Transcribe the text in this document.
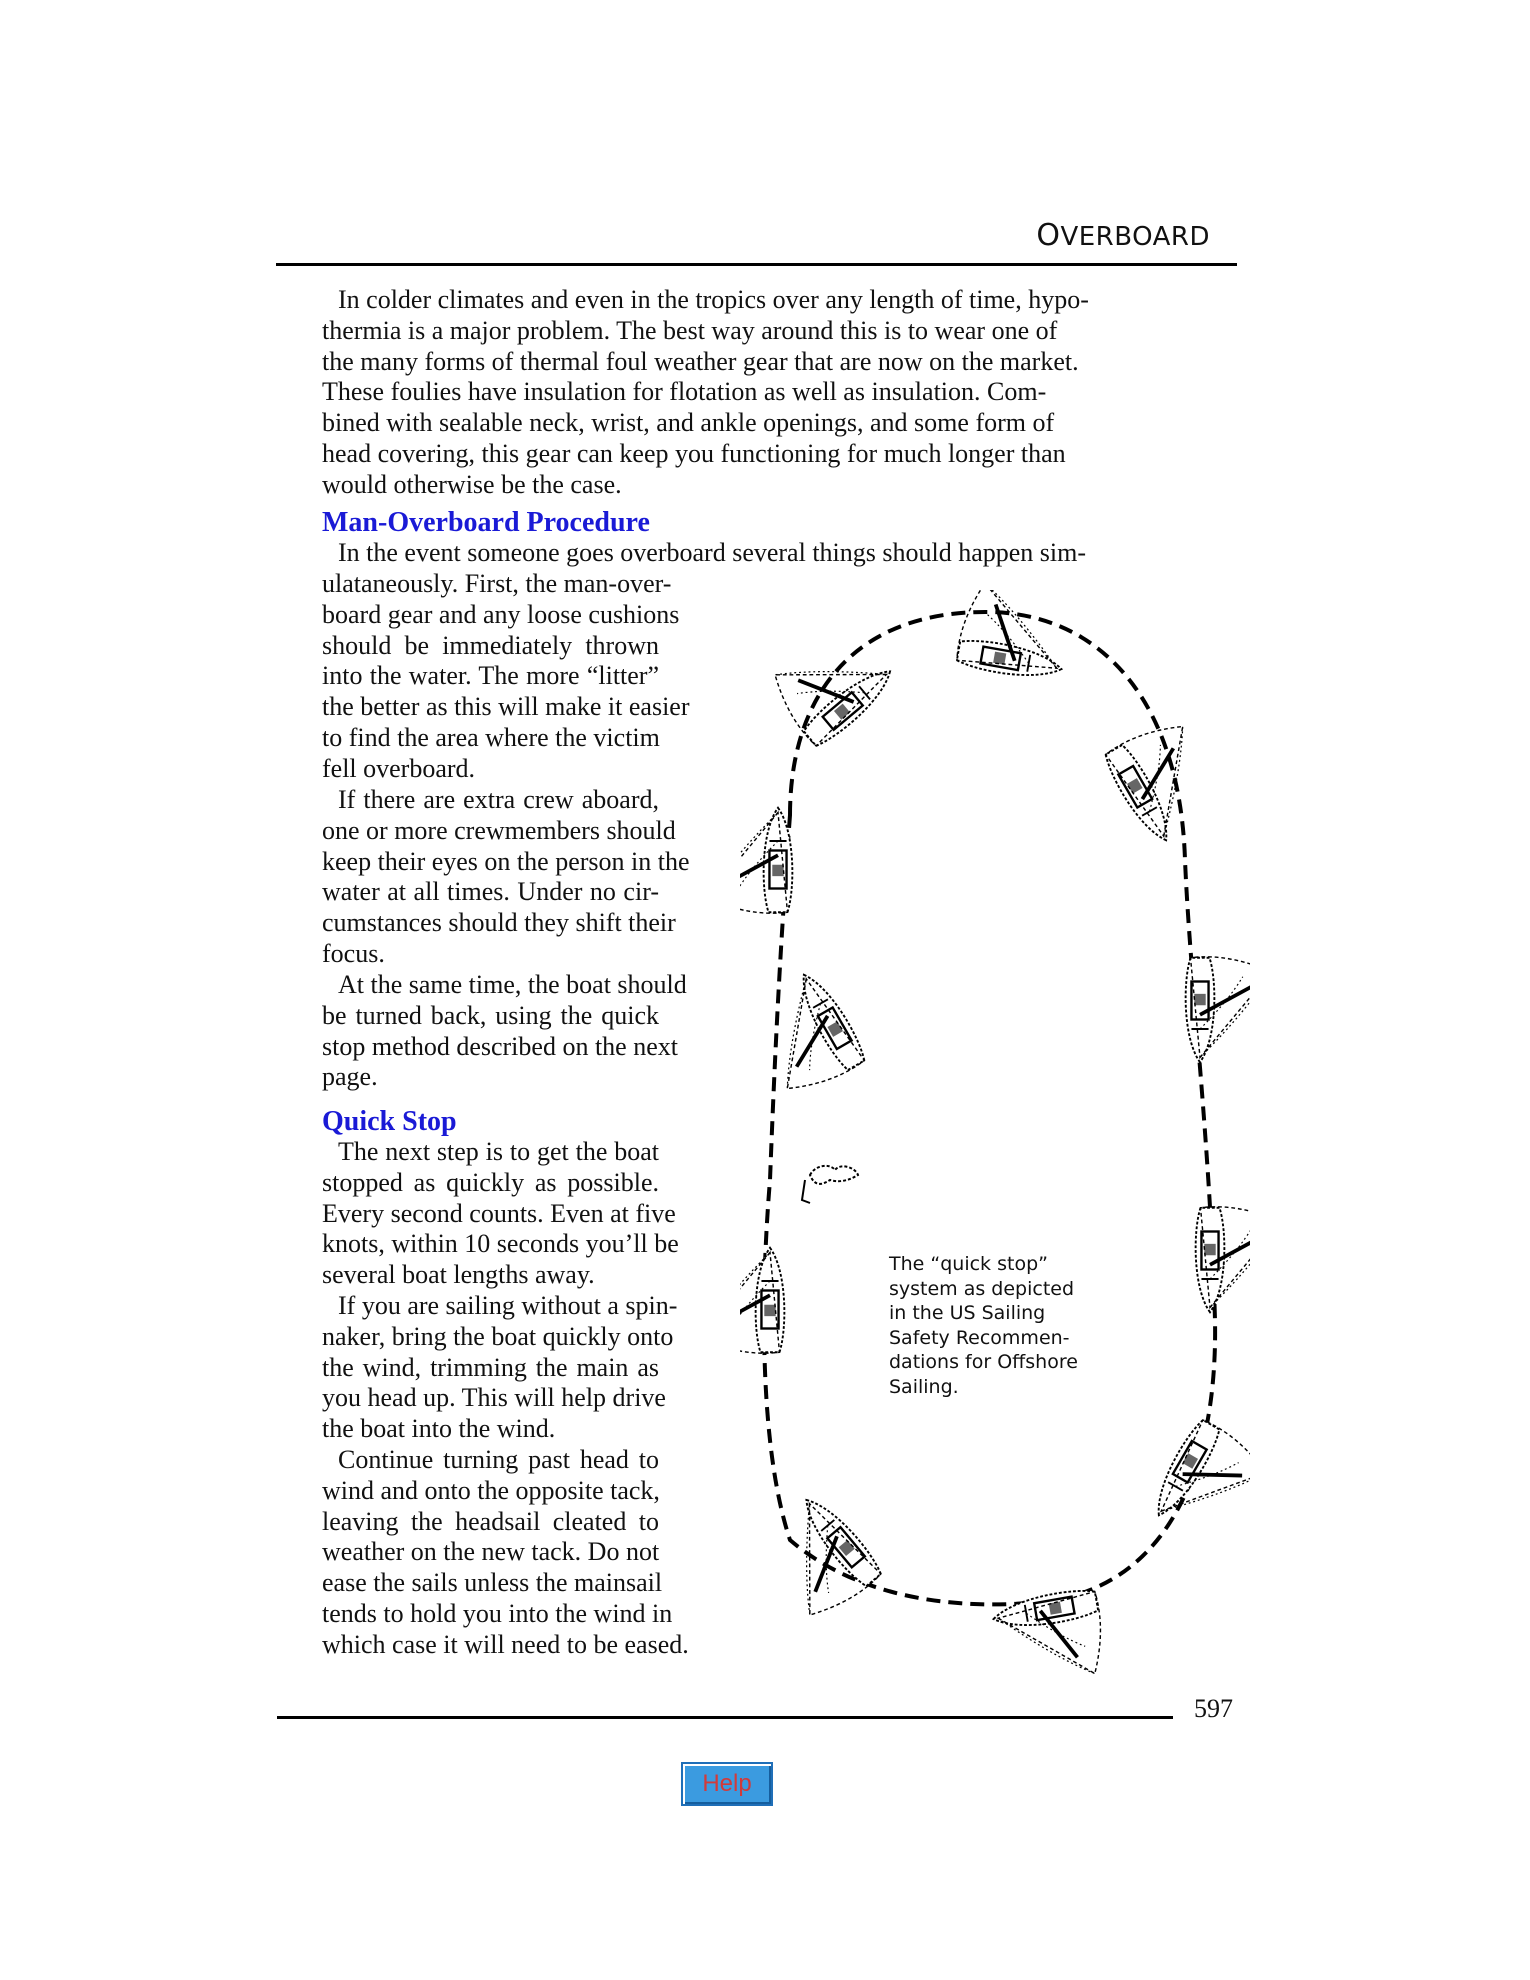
OVERBOARD
In colder climates and even in the tropics over any length of time, hypo-
thermia is a major problem. The best way around this is to wear one of
the many forms of thermal foul weather gear that are now on the market.
These foulies have insulation for flotation as well as insulation. Com-
bined with sealable neck, wrist, and ankle openings, and some form of
head covering, this gear can keep you functioning for much longer than
would otherwise be the case.
Man-Overboard Procedure
In the event someone goes overboard several things should happen sim-
ulataneously. First, the man-over-
board gear and any loose cushions
should be immediately thrown
into the water. The more “litter”
the better as this will make it easier
to find the area where the victim
fell overboard.
If there are extra crew aboard,
one or more crewmembers should
keep their eyes on the person in the
water at all times. Under no cir-
cumstances should they shift their
focus.
At the same time, the boat should
be turned back, using the quick
stop method described on the next
page.
Quick Stop
The next step is to get the boat
stopped as quickly as possible.
Every second counts. Even at five
knots, within 10 seconds you’ll be
several boat lengths away.
If you are sailing without a spin-
naker, bring the boat quickly onto
the wind, trimming the main as
you head up. This will help drive
the boat into the wind.
Continue turning past head to
wind and onto the opposite tack,
leaving the headsail cleated to
weather on the new tack. Do not
ease the sails unless the mainsail
tends to hold you into the wind in
which case it will need to be eased.
The “quick stop”
system as depicted
in the US Sailing
Safety Recommen-
dations for Offshore
Sailing.
597
Help
